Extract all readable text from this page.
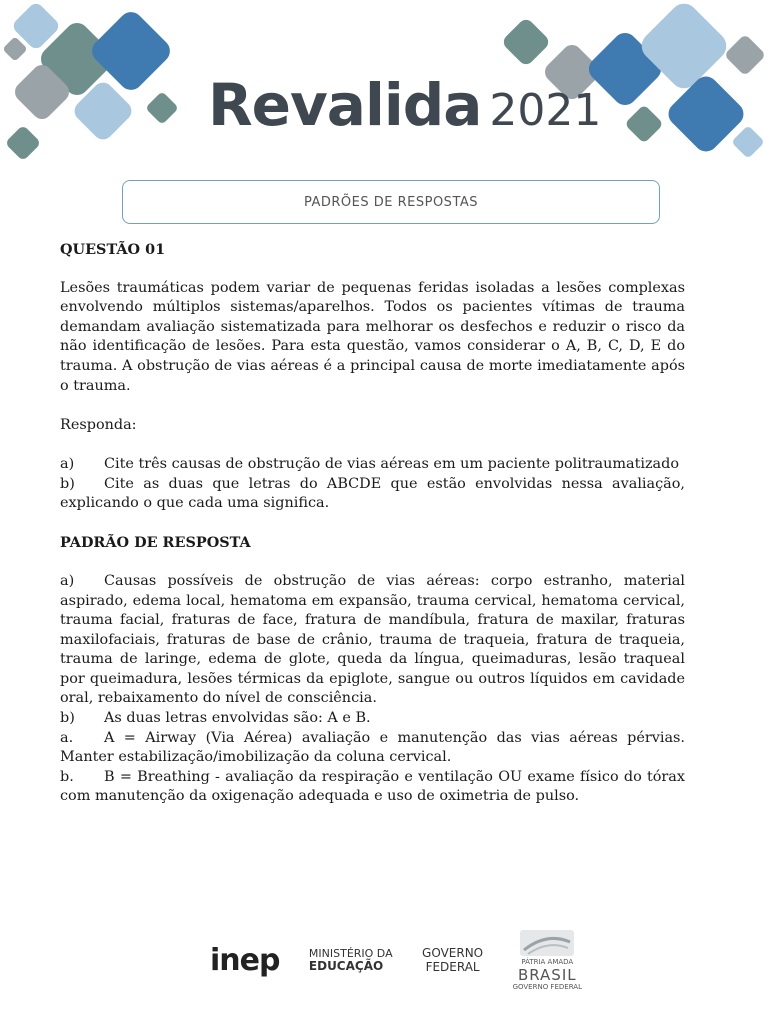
Revalida 2021
PADRÕES DE RESPOSTAS

QUESTÃO 01

Lesões traumáticas podem variar de pequenas feridas isoladas a lesões complexas envolvendo múltiplos sistemas/aparelhos. Todos os pacientes vítimas de trauma demandam avaliação sistematizada para melhorar os desfechos e reduzir o risco da não identificação de lesões. Para esta questão, vamos considerar o A, B, C, D, E do trauma. A obstrução de vias aéreas é a principal causa de morte imediatamente após o trauma.

Responda:

a) Cite três causas de obstrução de vias aéreas em um paciente politraumatizado

b) Cite as duas que letras do ABCDE que estão envolvidas nessa avaliação, explicando o que cada uma significa.

PADRÃO DE RESPOSTA

a) Causas possíveis de obstrução de vias aéreas: corpo estranho, material aspirado, edema local, hematoma em expansão, trauma cervical, hematoma cervical, trauma facial, fraturas de face, fratura de mandíbula, fratura de maxilar, fraturas maxilofaciais, fraturas de base de crânio, trauma de traqueia, fratura de traqueia, trauma de laringe, edema de glote, queda da língua, queimaduras, lesão traqueal por queimadura, lesões térmicas da epiglote, sangue ou outros líquidos em cavidade oral, rebaixamento do nível de consciência.

b) As duas letras envolvidas são: A e B.

a. A = Airway (Via Aérea) avaliação e manutenção das vias aéreas pérvias. Manter estabilização/imobilização da coluna cervical.

b. B = Breathing - avaliação da respiração e ventilação OU exame físico do tórax com manutenção da oxigenação adequada e uso de oximetria de pulso.

inep	MINISTÉRIO DA
EDUCAÇÃO
GOVERNO
FEDERAL	PÁTRIA AMADA
BRASIL
GOVERNO FEDERAL
